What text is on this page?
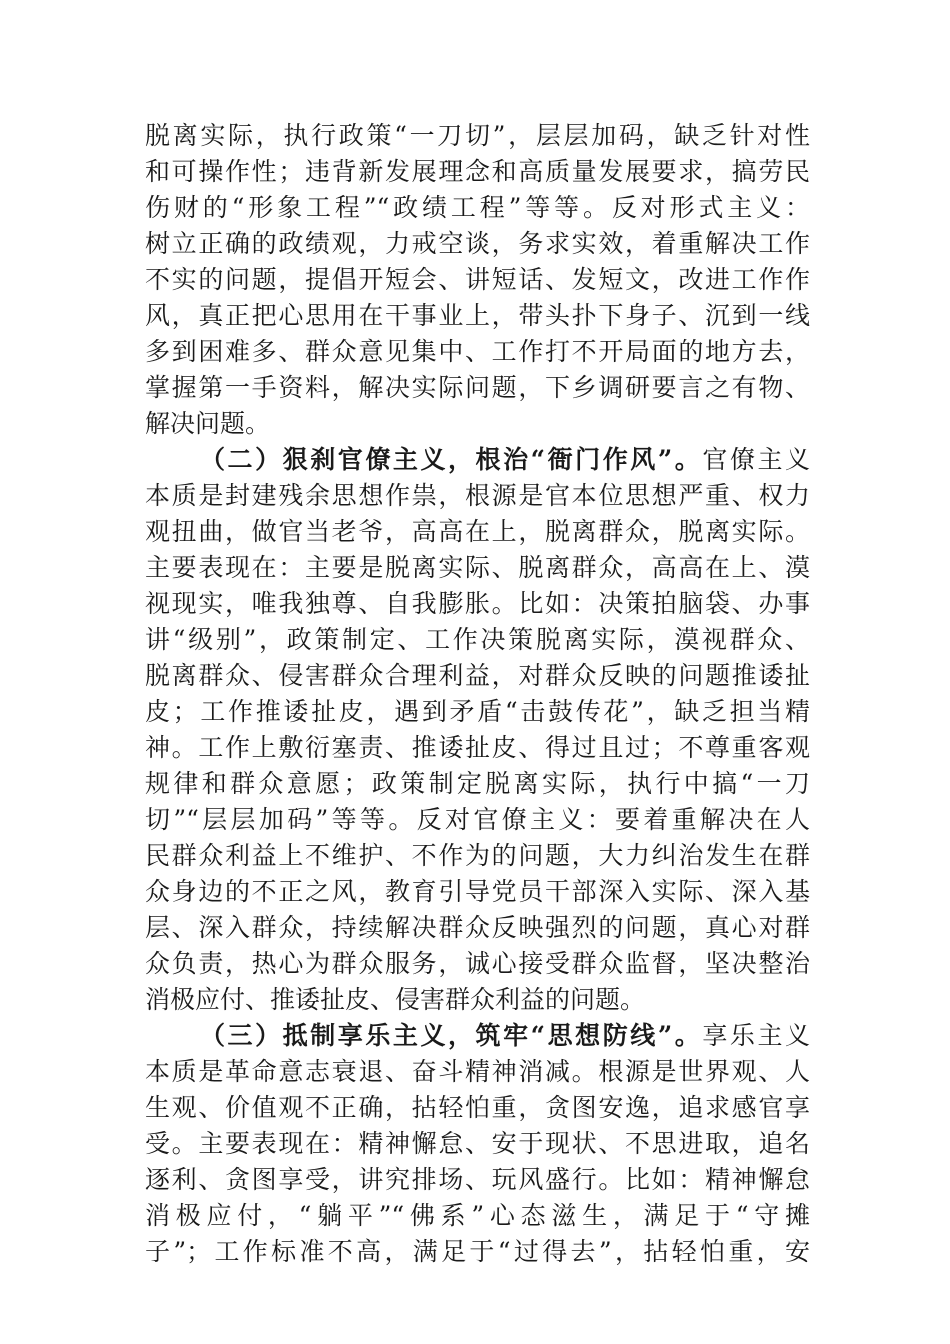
脱离实际，执行政策“一刀切”，层层加码，缺乏针对性
和可操作性；违背新发展理念和高质量发展要求，搞劳民
伤财的“形象工程”“政绩工程”等等。反对形式主义：
树立正确的政绩观，力戒空谈，务求实效，着重解决工作
不实的问题，提倡开短会、讲短话、发短文，改进工作作
风，真正把心思用在干事业上，带头扑下身子、沉到一线
多到困难多、群众意见集中、工作打不开局面的地方去，
掌握第一手资料，解决实际问题，下乡调研要言之有物、
解决问题。
（二）狠刹官僚主义，根治“衙门作风”。官僚主义
本质是封建残余思想作祟，根源是官本位思想严重、权力
观扭曲，做官当老爷，高高在上，脱离群众，脱离实际。
主要表现在：主要是脱离实际、脱离群众，高高在上、漠
视现实，唯我独尊、自我膨胀。比如：决策拍脑袋、办事
讲“级别”，政策制定、工作决策脱离实际，漠视群众、
脱离群众、侵害群众合理利益，对群众反映的问题推诿扯
皮；工作推诿扯皮，遇到矛盾“击鼓传花”，缺乏担当精
神。工作上敷衍塞责、推诿扯皮、得过且过；不尊重客观
规律和群众意愿；政策制定脱离实际，执行中搞“一刀
切”“层层加码”等等。反对官僚主义：要着重解决在人
民群众利益上不维护、不作为的问题，大力纠治发生在群
众身边的不正之风，教育引导党员干部深入实际、深入基
层、深入群众，持续解决群众反映强烈的问题，真心对群
众负责，热心为群众服务，诚心接受群众监督，坚决整治
消极应付、推诿扯皮、侵害群众利益的问题。
（三）抵制享乐主义，筑牢“思想防线”。享乐主义
本质是革命意志衰退、奋斗精神消减。根源是世界观、人
生观、价值观不正确，拈轻怕重，贪图安逸，追求感官享
受。主要表现在：精神懈怠、安于现状、不思进取，追名
逐利、贪图享受，讲究排场、玩风盛行。比如：精神懈怠
消极应付，“躺平”“佛系”心态滋生，满足于“守摊
子”；工作标准不高，满足于“过得去”，拈轻怕重，安
